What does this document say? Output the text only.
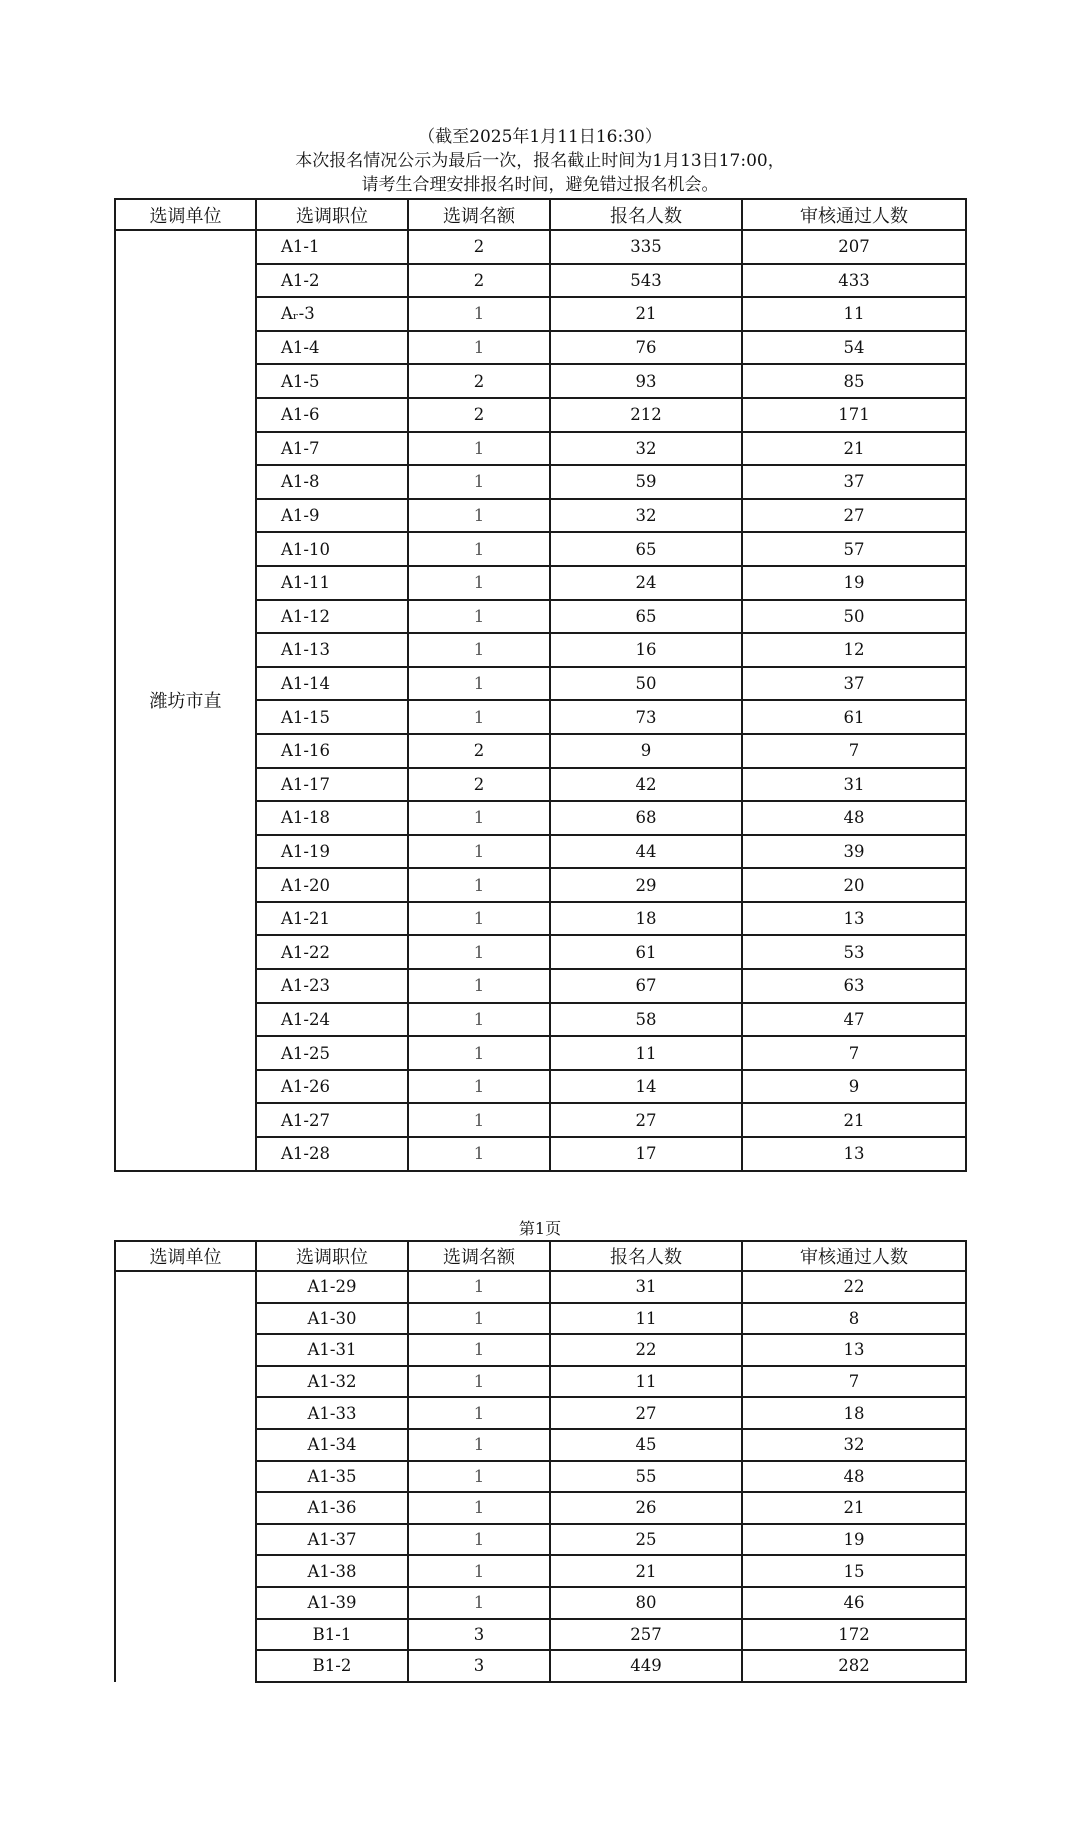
（截至2025年1月11日16:30）
本次报名情况公示为最后一次，报名截止时间为1月13日17:00，
请考生合理安排报名时间，避免错过报名机会。
选调单位	选调职位	选调名额	报名人数	审核通过人数
潍坊市直	A1-1	2	335	207
	A1-2	2	543	433
	Aᵣ-3	1	21	11
	A1-4	1	76	54
	A1-5	2	93	85
	A1-6	2	212	171
	A1-7	1	32	21
	A1-8	1	59	37
	A1-9	1	32	27
	A1-10	1	65	57
	A1-11	1	24	19
	A1-12	1	65	50
	A1-13	1	16	12
	A1-14	1	50	37
	A1-15	1	73	61
	A1-16	2	9	7
	A1-17	2	42	31
	A1-18	1	68	48
	A1-19	1	44	39
	A1-20	1	29	20
	A1-21	1	18	13
	A1-22	1	61	53
	A1-23	1	67	63
	A1-24	1	58	47
	A1-25	1	11	7
	A1-26	1	14	9
	A1-27	1	27	21
	A1-28	1	17	13
第1页
选调单位	选调职位	选调名额	报名人数	审核通过人数
	A1-29	1	31	22
	A1-30	1	11	8
	A1-31	1	22	13
	A1-32	1	11	7
	A1-33	1	27	18
	A1-34	1	45	32
	A1-35	1	55	48
	A1-36	1	26	21
	A1-37	1	25	19
	A1-38	1	21	15
	A1-39	1	80	46
	B1-1	3	257	172
	B1-2	3	449	282
